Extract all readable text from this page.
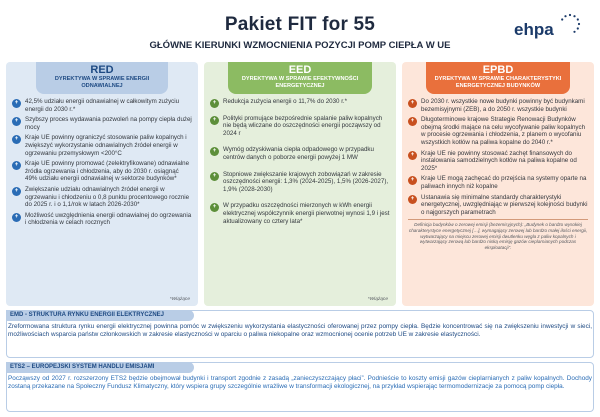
Pakiet FIT for 55
GŁÓWNE KIERUNKI WZMOCNIENIA POZYCJI POMP CIEPŁA W UE
ehpa
RED
DYREKTYWA W SPRAWIE ENERGII ODNAWIALNEJ
+	42,5% udziału energii odnawialnej w całkowitym zużyciu energii do 2030 r.*
+	Szybszy proces wydawania pozwoleń na pompy ciepła dużej mocy
+	Kraje UE powinny ograniczyć stosowanie paliw kopalnych i zwiększyć wykorzystanie odnawialnych źródeł energii w ogrzewaniu przemysłowym <200°C
+	Kraje UE powinny promować (zelektryfikowane) odnawialne źródła ogrzewania i chłodzenia, aby do 2030 r. osiągnąć 49% udziału energii odnawialnej w sektorze budynków*
+	Zwiększanie udziału odnawialnych źródeł energii w ogrzewaniu i chłodzeniu o 0,8 punktu procentowego rocznie do 2025 r. i o 1,1/rok w latach 2026-2030*
+	Możliwość uwzględnienia energii odnawialnej do ogrzewania i chłodzenia w celach rocznych
*Wiążące
EED
DYREKTYWA W SPRAWIE EFEKTYWNOŚCI ENERGETYCZNEJ
+	Redukcja zużycia energii o 11,7% do 2030 r.*
+	Polityki promujące bezpośrednie spalanie paliw kopalnych nie będą wliczane do oszczędności energii począwszy od 2024 r
+	Wymóg odzyskiwania ciepła odpadowego w przypadku centrów danych o poborze energii powyżej 1 MW
+	Stopniowe zwiększanie krajowych zobowiązań w zakresie oszczędności energii: 1,3% (2024-2025), 1,5% (2026-2027), 1,9% (2028-2030)
+	W przypadku oszczędności mierzonych w kWh energii elektrycznej współczynnik energii pierwotnej wynosi 1,9 i jest aktualizowany co cztery lata*
*Wiążące
EPBD
DYREKTYWA W SPRAWIE CHARAKTERYSTYKI ENERGETYCZNEJ BUDYNKÓW
+	Do 2030 r. wszystkie nowe budynki powinny być budynkami bezemisyjnymi (ZEB), a do 2050 r. wszystkie budynki
+	Długoterminowe krajowe Strategie Renowacji Budynków obejmą środki mające na celu wycofywanie paliw kopalnych w procesie ogrzewania i chłodzenia, z planem o wycofaniu wszystkich kotłów na paliwa kopalne do 2040 r.*
+	Kraje UE nie powinny stosować zachęt finansowych do instalowania samodzielnych kotłów na paliwa kopalne od 2025*
+	Kraje UE mogą zachęcać do przejścia na systemy oparte na paliwach innych niż kopalne
+	Ustanawia się minimalne standardy charakterystyki energetycznej, uwzględniając w pierwszej kolejności budynki o najgorszych parametrach
Definicja budynków o zerowej emisji (bezemisyjnych): „Budynek o bardzo wysokiej charakterystyce energetycznej […], wymagający zerowej lub bardzo małej ilości energii, wytwarzający na miejscu zerowej emisji dwutlenku węgla z paliw kopalnych i wytwarzający zerową lub bardzo niską emisję gazów cieplarnianych podczas eksploatacji”.
EMD - STRUKTURA RYNKU ENERGII ELEKTRYCZNEJ
Zreformowana struktura rynku energii elektrycznej powinna pomóc w zwiększeniu wykorzystania elastyczności oferowanej przez pompy ciepła. Będzie koncentrować się na zwiększeniu inwestycji w sieci, możliwościach wsparcia państw członkowskich w zakresie elastyczności w oparciu o paliwa niekopalne oraz wzmocnionej ocenie potrzeb UE w zakresie elastyczności.
ETS2 – EUROPEJSKI SYSTEM HANDLU EMISJAMI
Począwszy od 2027 r. rozszerzony ETS2 będzie obejmował budynki i transport zgodnie z zasadą „zanieczyszczający płaci”. Podnieście to koszty emisji gazów cieplarnianych z paliw kopalnych. Dochody zostaną przekazane na Społeczny Fundusz Klimatyczny, który wspiera grupy szczególnie wrażliwe w transformacji ekologicznej, na przykład wspierając termomodernizacje za pomocą pomp ciepła.
